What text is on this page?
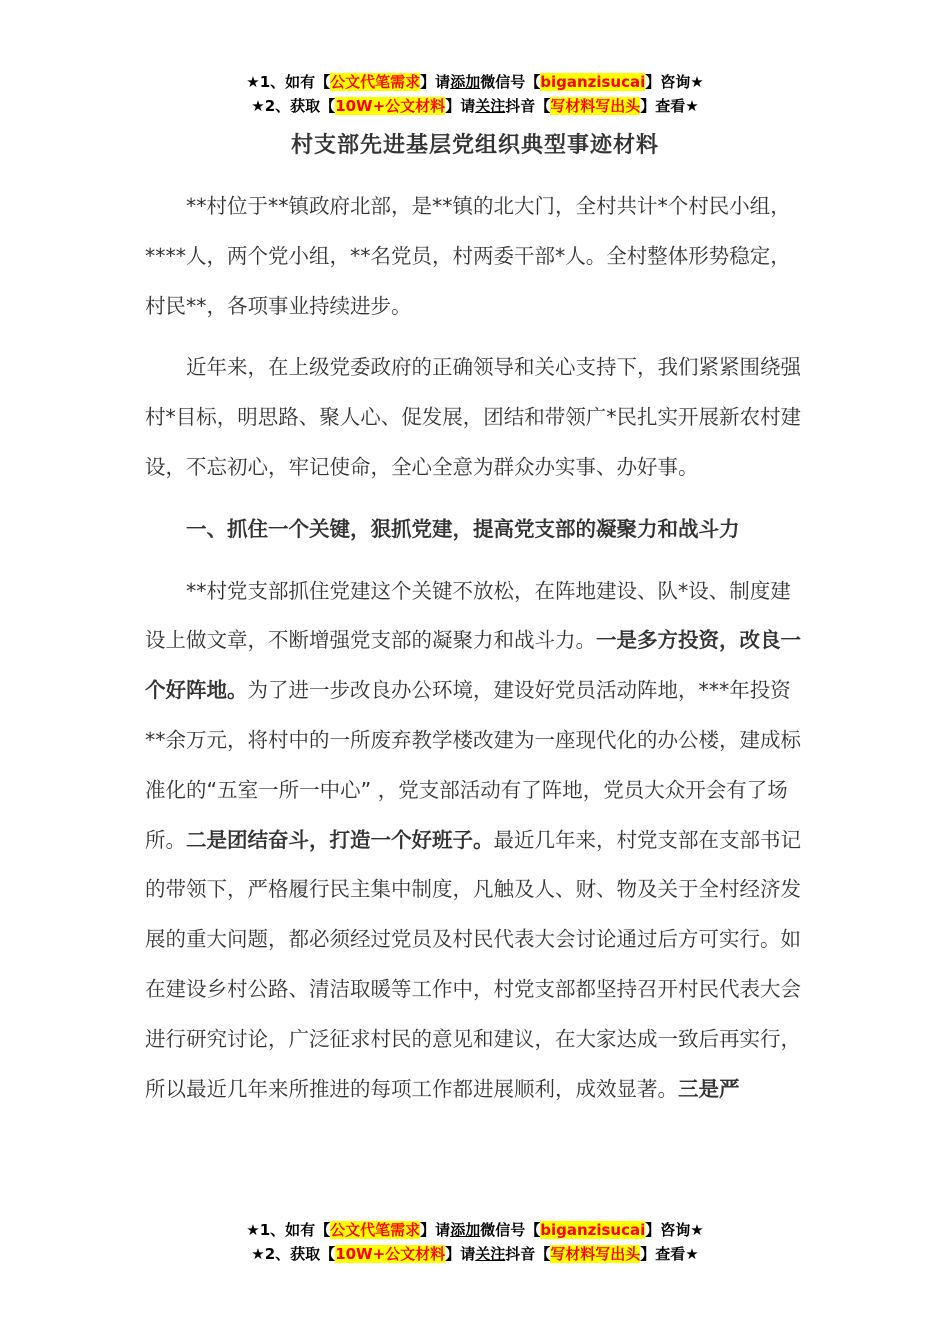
★1、如有【公文代笔需求】请添加微信号【biganzisucai】咨询★
★2、获取【10W+公文材料】请关注抖音【写材料写出头】查看★
村支部先进基层党组织典型事迹材料

**村位于**镇政府北部，是**镇的北大门，全村共计*个村民小组，****人，两个党小组，**名党员，村两委干部*人。全村整体形势稳定，村民**，各项事业持续进步。

近年来，在上级党委政府的正确领导和关心支持下，我们紧紧围绕强村*目标，明思路、聚人心、促发展，团结和带领广*民扎实开展新农村建设，不忘初心，牢记使命，全心全意为群众办实事、办好事。

一、抓住一个关键，狠抓党建，提高党支部的凝聚力和战斗力

**村党支部抓住党建这个关键不放松，在阵地建设、队*设、制度建设上做文章，不断增强党支部的凝聚力和战斗力。一是多方投资，改良一个好阵地。为了进一步改良办公环境，建设好党员活动阵地，***年投资**余万元，将村中的一所废弃教学楼改建为一座现代化的办公楼，建成标准化的“五室一所一中心” ，党支部活动有了阵地，党员大众开会有了场所。二是团结奋斗，打造一个好班子。最近几年来，村党支部在支部书记的带领下，严格履行民主集中制度，凡触及人、财、物及关于全村经济发展的重大问题，都必须经过党员及村民代表大会讨论通过后方可实行。如在建设乡村公路、清洁取暖等工作中，村党支部都坚持召开村民代表大会进行研究讨论，广泛征求村民的意见和建议，在大家达成一致后再实行，所以最近几年来所推进的每项工作都进展顺利，成效显著。三是严

★1、如有【公文代笔需求】请添加微信号【biganzisucai】咨询★
★2、获取【10W+公文材料】请关注抖音【写材料写出头】查看★
